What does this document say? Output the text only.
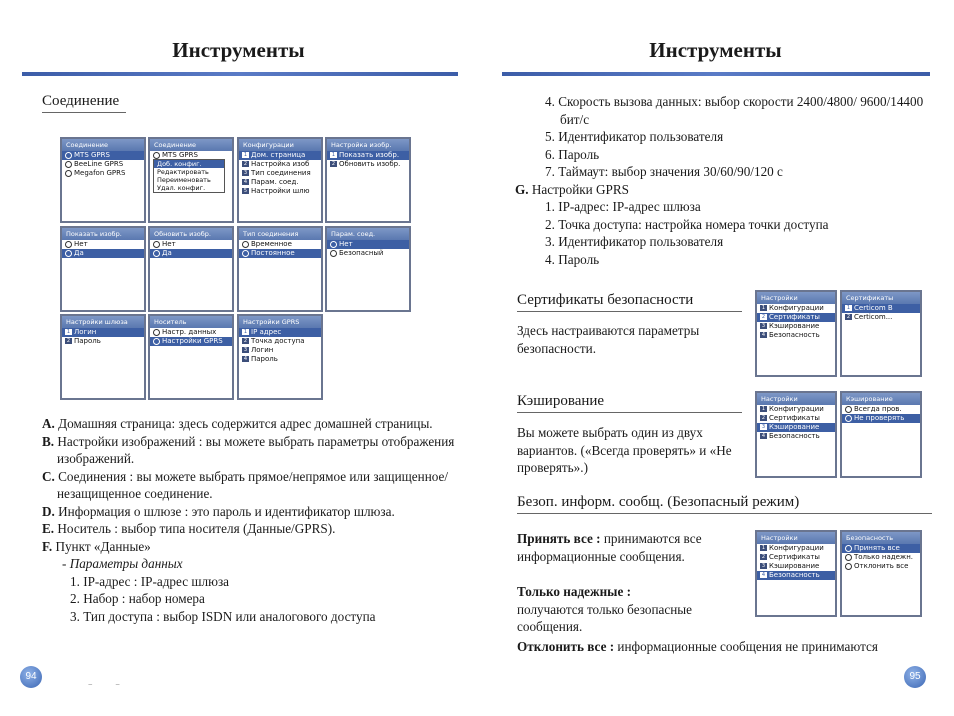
Инструменты
Соединение
Соединение
MTS GPRS
BeeLine GPRS
Megafon GPRS
Соединение
MTS GPRS
Доб. конфиг.
Редактировать
Переименовать
Удал. конфиг.
Конфигурации
1 Дом. страница
2 Настройка изоб
3 Тип соединения
4 Парам. соед.
5 Настройки шлю
Настройка изобр.
1 Показать изобр.
2 Обновить изобр.
Показать изобр.
Нет
Да
Обновить изобр.
Нет
Да
Тип соединения
Временное
Постоянное
Парам. соед.
Нет
Безопасный
Настройки шлюза
1 Логин
2 Пароль
Носитель
Настр. данных
Настройки GPRS
Настройки GPRS
1 IP адрес
2 Точка доступа
3 Логин
4 Пароль
A. Домашняя страница: здесь содержится адрес домашней страницы.
B. Настройки изображений : вы можете выбрать параметры отображения изображений.
C. Соединения : вы можете выбрать прямое/непрямое или защищенное/незащищенное соединение.
D. Информация о шлюзе : это пароль и идентификатор шлюза.
E. Носитель : выбор типа носителя (Данные/GPRS).
F. Пункт «Данные»
- Параметры данных
1. IP-адрес : IP-адрес шлюза
2. Набор : набор номера
3. Тип доступа : выбор ISDN или аналогового доступа
94
–        –
Инструменты
4. Скорость вызова данных: выбор скорости 2400/4800/ 9600/14400 бит/с
5. Идентификатор пользователя
6. Пароль
7. Таймаут: выбор значения 30/60/90/120 с
G. Настройки GPRS
1. IP-адрес: IP-адрес шлюза
2. Точка доступа: настройка номера точки доступа
3. Идентификатор пользователя
4. Пароль
Сертификаты безопасности
Здесь настраиваются параметры безопасности.
Кэширование
Вы можете выбрать один из двух вариантов. («Всегда проверять» и «Не проверять».)
Безоп. информ. сообщ. (Безопасный режим)
Принять все : принимаются все информационные сообщения.
Только надежные :
получаются только безопасные сообщения.
Отклонить все : информационные сообщения не принимаются
Настройки
1 Конфигурации
2 Сертификаты
3 Кэширование
4 Безопасность
Сертификаты
1 Certicom B
2 Certicom...
Настройки
1 Конфигурации
2 Сертификаты
3 Кэширование
4 Безопасность
Кэширование
Всегда пров.
Не проверять
Настройки
1 Конфигурации
2 Сертификаты
3 Кэширование
4 Безопасность
Безопасность
Принять все
Только надежн.
Отклонить все
95
